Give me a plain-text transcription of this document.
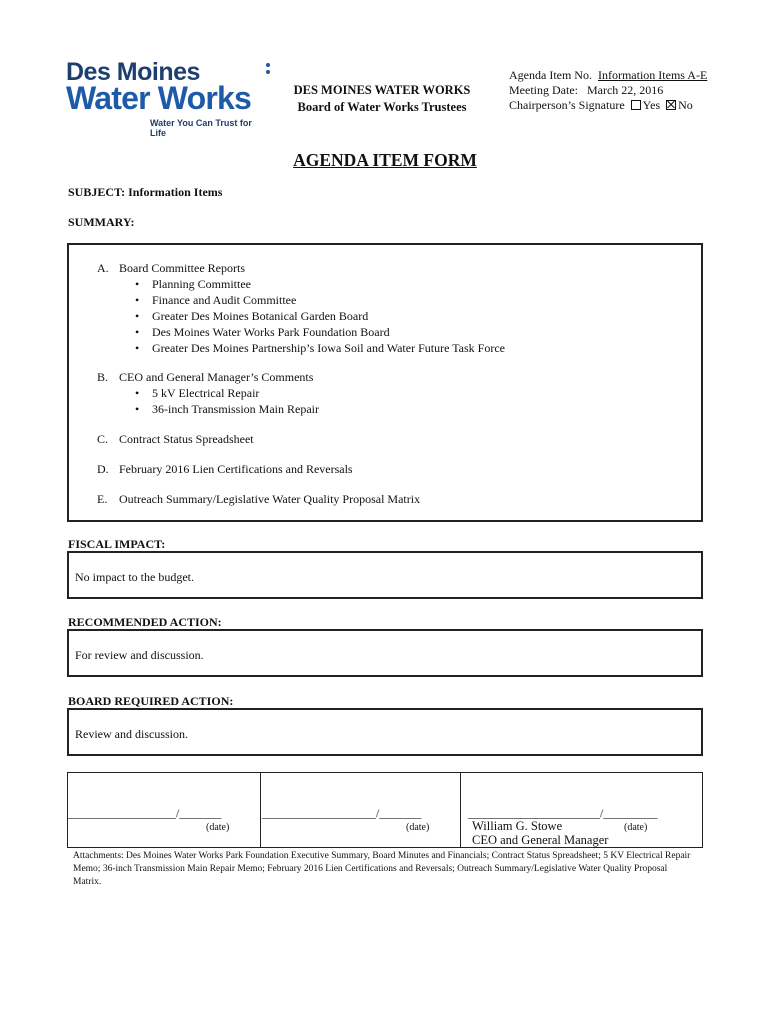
Des Moines
Water Works
Water You Can Trust for Life
DES MOINES WATER WORKS
Board of Water Works Trustees
Agenda Item No. Information Items A-E
Meeting Date: March 22, 2016
Chairperson’s Signature Yes No
AGENDA ITEM FORM
SUBJECT: Information Items
SUMMARY:
A. Board Committee Reports
• Planning Committee
• Finance and Audit Committee
• Greater Des Moines Botanical Garden Board
• Des Moines Water Works Park Foundation Board
• Greater Des Moines Partnership’s Iowa Soil and Water Future Task Force
B. CEO and General Manager’s Comments
• 5 kV Electrical Repair
• 36-inch Transmission Main Repair
C. Contract Status Spreadsheet
D. February 2016 Lien Certifications and Reversals
E. Outreach Summary/Legislative Water Quality Proposal Matrix
FISCAL IMPACT:
No impact to the budget.
RECOMMENDED ACTION:
For review and discussion.
BOARD REQUIRED ACTION:
Review and discussion.
__________________/_______
(date)
___________________/_______
(date)
______________________/_________
William G. Stowe	(date)
CEO and General Manager
Attachments: Des Moines Water Works Park Foundation Executive Summary, Board Minutes and Financials; Contract Status Spreadsheet; 5 KV Electrical Repair Memo; 36-inch Transmission Main Repair Memo; February 2016 Lien Certifications and Reversals; Outreach Summary/Legislative Water Quality Proposal Matrix.
